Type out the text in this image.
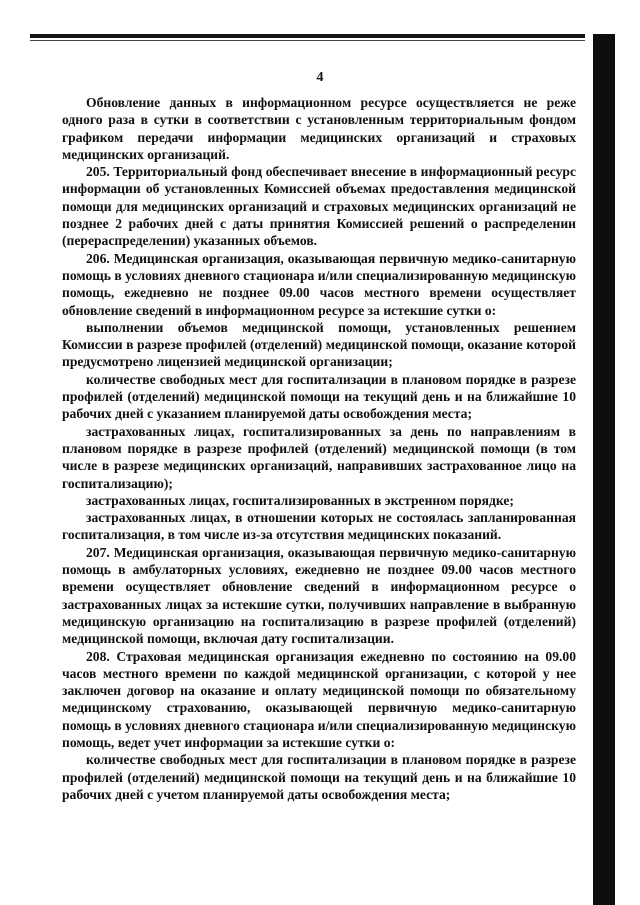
4

Обновление данных в информационном ресурсе осуществляется не реже одного раза в сутки в соответствии с установленным территориальным фондом графиком передачи информации медицинских организаций и страховых медицинских организаций.

205. Территориальный фонд обеспечивает внесение в информационный ресурс информации об установленных Комиссией объемах предоставления медицинской помощи для медицинских организаций и страховых медицинских организаций не позднее 2 рабочих дней с даты принятия Комиссией решений о распределении (перераспределении) указанных объемов.

206. Медицинская организация, оказывающая первичную медико-санитарную помощь в условиях дневного стационара и/или специализированную медицинскую помощь, ежедневно не позднее 09.00 часов местного времени осуществляет обновление сведений в информационном ресурсе за истекшие сутки о:

выполнении объемов медицинской помощи, установленных решением Комиссии в разрезе профилей (отделений) медицинской помощи, оказание которой предусмотрено лицензией медицинской организации;

количестве свободных мест для госпитализации в плановом порядке в разрезе профилей (отделений) медицинской помощи на текущий день и на ближайшие 10 рабочих дней с указанием планируемой даты освобождения места;

застрахованных лицах, госпитализированных за день по направлениям в плановом порядке в разрезе профилей (отделений) медицинской помощи (в том числе в разрезе медицинских организаций, направивших застрахованное лицо на госпитализацию);

застрахованных лицах, госпитализированных в экстренном порядке;

застрахованных лицах, в отношении которых не состоялась запланированная госпитализация, в том числе из-за отсутствия медицинских показаний.

207. Медицинская организация, оказывающая первичную медико-санитарную помощь в амбулаторных условиях, ежедневно не позднее 09.00 часов местного времени осуществляет обновление сведений в информационном ресурсе о застрахованных лицах за истекшие сутки, получивших направление в выбранную медицинскую организацию на госпитализацию в разрезе профилей (отделений) медицинской помощи, включая дату госпитализации.

208. Страховая медицинская организация ежедневно по состоянию на 09.00 часов местного времени по каждой медицинской организации, с которой у нее заключен договор на оказание и оплату медицинской помощи по обязательному медицинскому страхованию, оказывающей первичную медико-санитарную помощь в условиях дневного стационара и/или специализированную медицинскую помощь, ведет учет информации за истекшие сутки о:

количестве свободных мест для госпитализации в плановом порядке в разрезе профилей (отделений) медицинской помощи на текущий день и на ближайшие 10 рабочих дней с учетом планируемой даты освобождения места;
